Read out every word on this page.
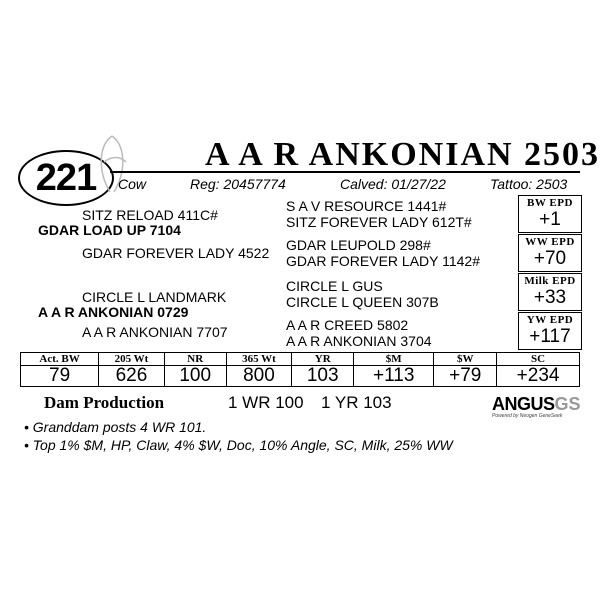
221
A A R ANKONIAN 2503
Cow	Reg: 20457774	Calved: 01/27/22	Tattoo: 2503
SITZ RELOAD 411C#
GDAR LOAD UP 7104
GDAR FOREVER LADY 4522
S A V RESOURCE 1441#
SITZ FOREVER LADY 612T#
GDAR LEUPOLD 298#
GDAR FOREVER LADY 1142#
CIRCLE L LANDMARK
A A R ANKONIAN 0729
A A R ANKONIAN 7707
CIRCLE L GUS
CIRCLE L QUEEN 307B
A A R CREED 5802
A A R ANKONIAN 3704
BW EPD
+1
WW EPD
+70
Milk EPD
+33
YW EPD
+117
Act. BW	205 Wt	NR	365 Wt	YR	$M	$W	SC
79	626	100	800	103	+113	+79	+234
Dam Production	1 WR 100 1 YR 103	ANGUSGS
Powered by Neogen GeneSeek
• Granddam posts 4 WR 101.
• Top 1% $M, HP, Claw, 4% $W, Doc, 10% Angle, SC, Milk, 25% WW
